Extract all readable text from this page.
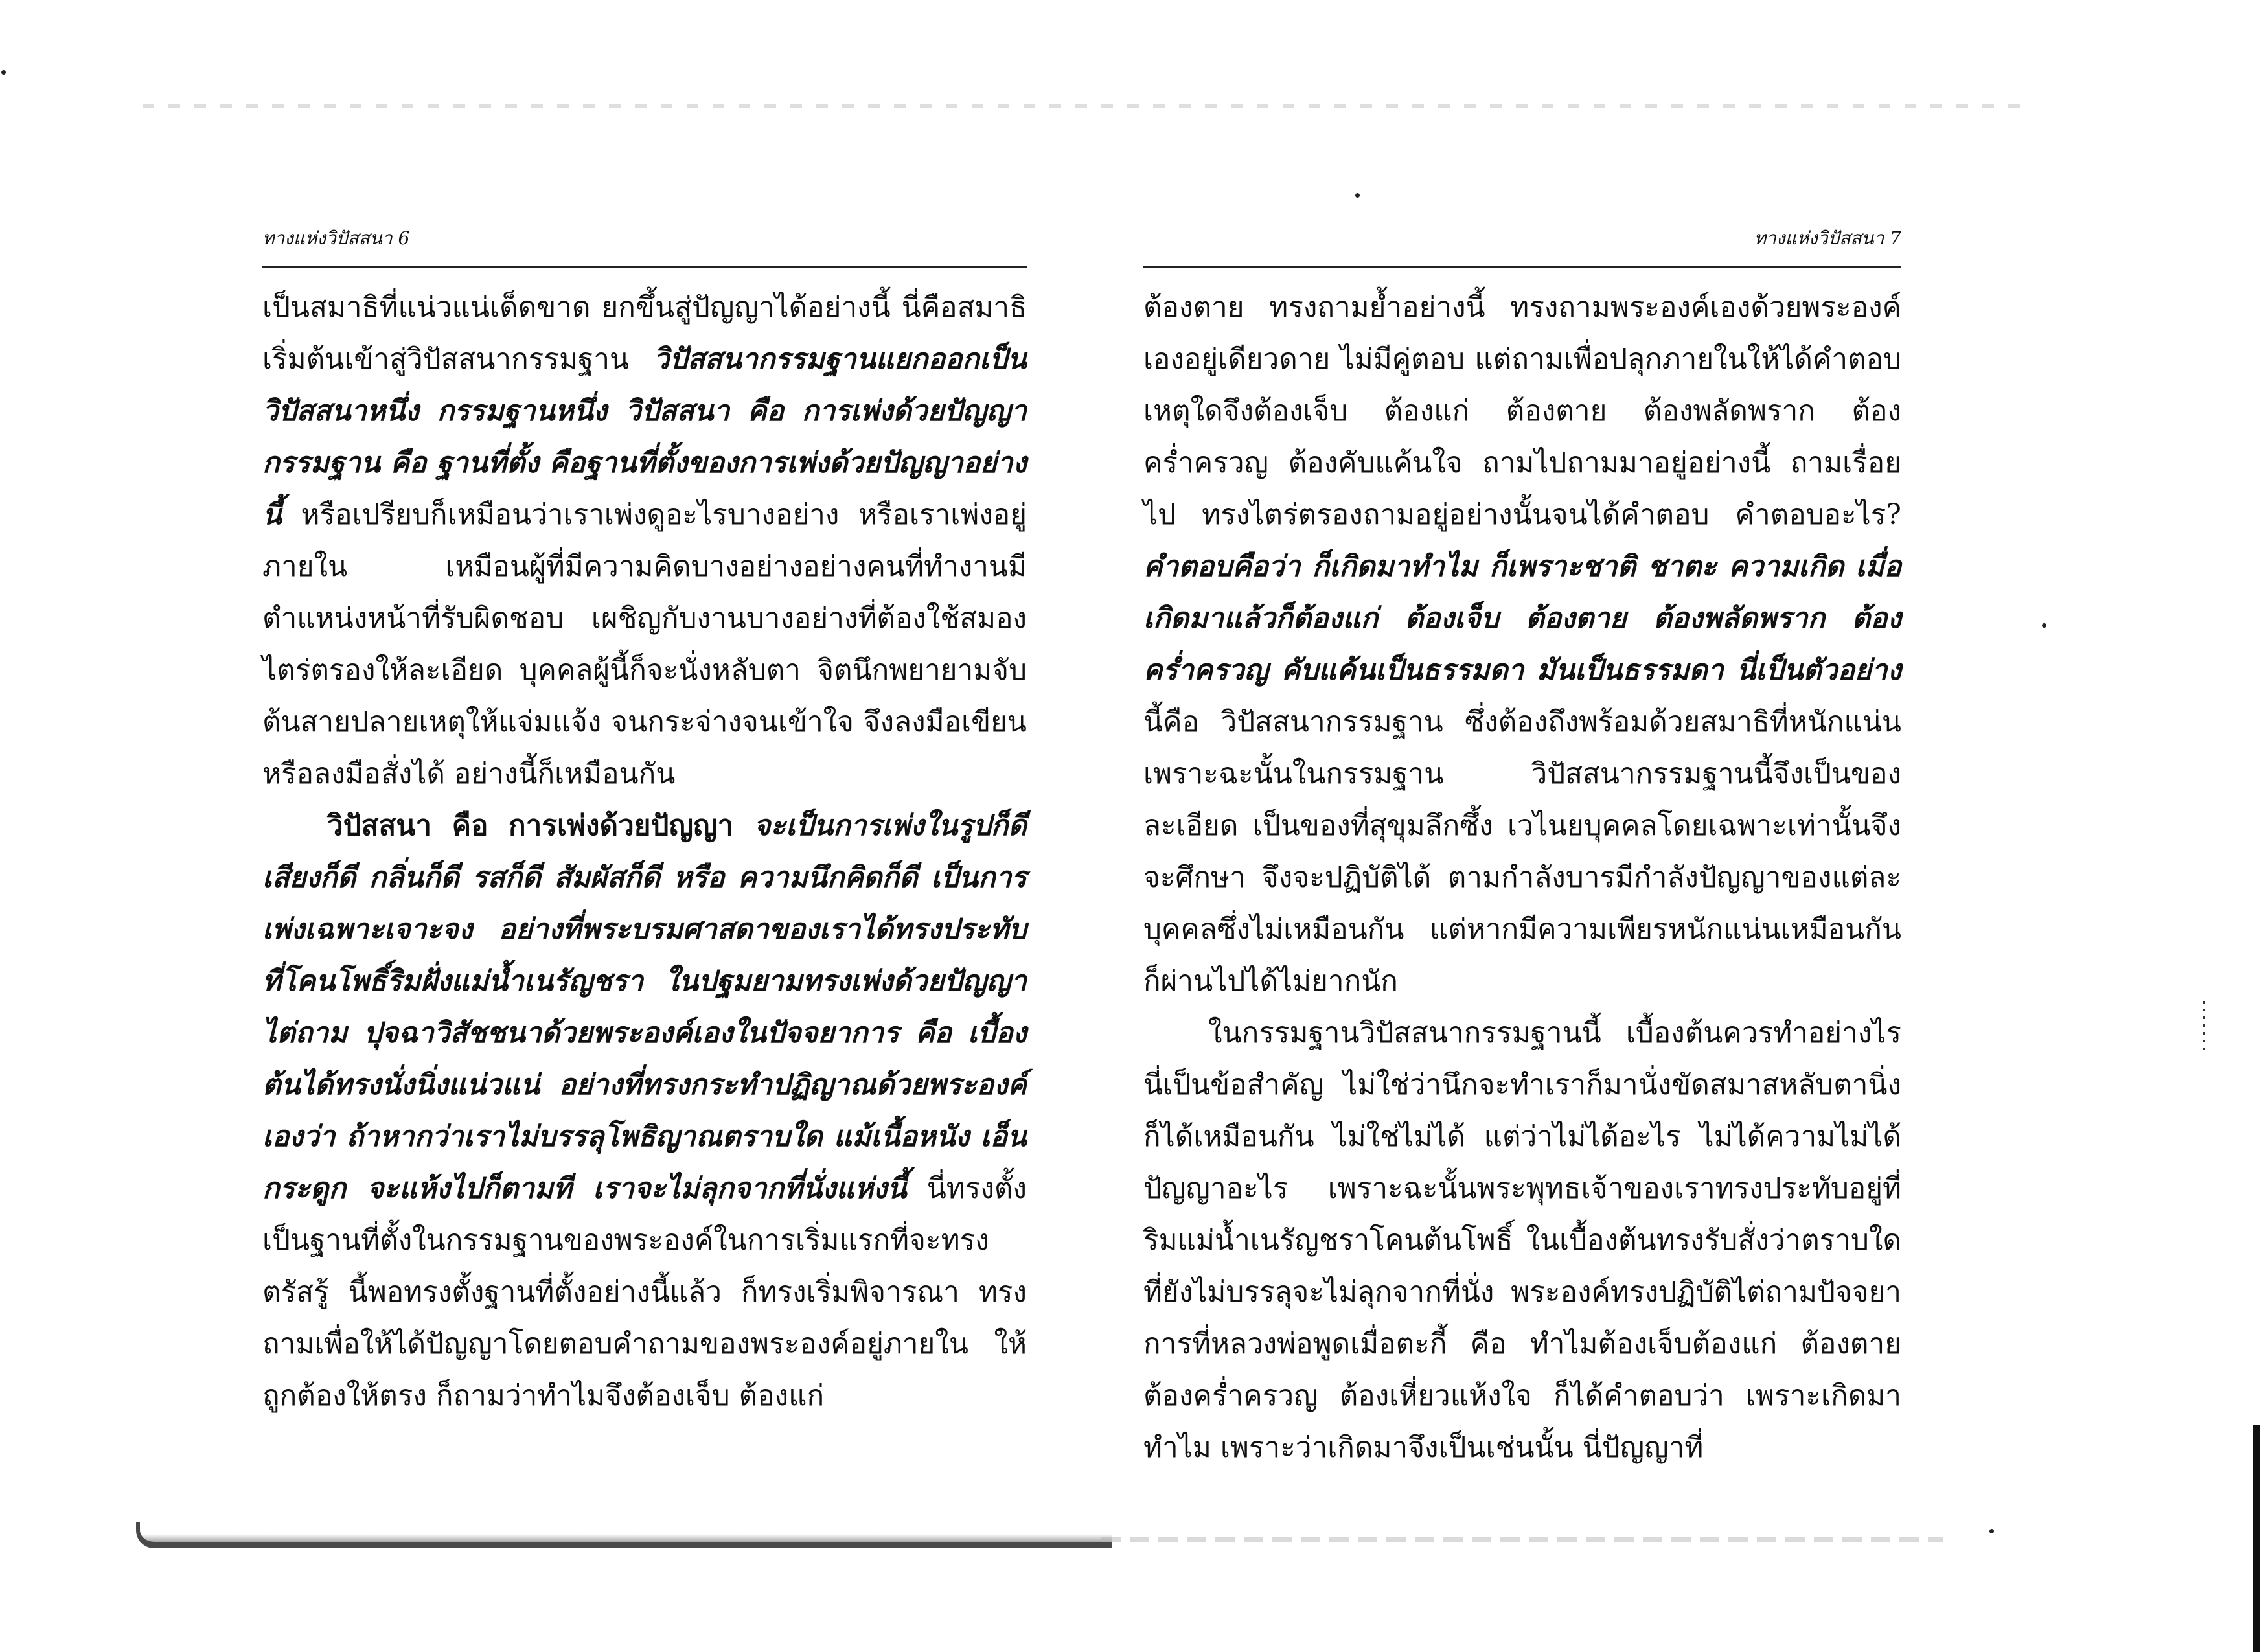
ทางแห่งวิปัสสนา 6

เป็นสมาธิที่แน่วแน่เด็ดขาด ยกขึ้นสู่ปัญญาได้อย่างนี้ นี่คือสมาธิเริ่มต้นเข้าสู่วิปัสสนากรรมฐาน วิปัสสนากรรมฐานแยกออกเป็น วิปัสสนาหนึ่ง กรรมฐานหนึ่ง วิปัสสนา คือ การเพ่งด้วยปัญญา กรรมฐาน คือ ฐานที่ตั้ง คือฐานที่ตั้งของการเพ่งด้วยปัญญาอย่างนี้ หรือเปรียบก็เหมือนว่าเราเพ่งดูอะไรบางอย่าง หรือเราเพ่งอยู่ภายใน เหมือนผู้ที่มีความคิดบางอย่างอย่างคนที่ทำงานมีตำแหน่งหน้าที่รับผิดชอบ เผชิญกับงานบางอย่างที่ต้องใช้สมองไตร่ตรองให้ละเอียด บุคคลผู้นี้ก็จะนั่งหลับตา จิตนึกพยายามจับต้นสายปลายเหตุให้แจ่มแจ้ง จนกระจ่างจนเข้าใจ จึงลงมือเขียนหรือลงมือสั่งได้ อย่างนี้ก็เหมือนกัน

วิปัสสนา คือ การเพ่งด้วยปัญญา จะเป็นการเพ่งในรูปก็ดี เสียงก็ดี กลิ่นก็ดี รสก็ดี สัมผัสก็ดี หรือ ความนึกคิดก็ดี เป็นการเพ่งเฉพาะเจาะจง อย่างที่พระบรมศาสดาของเราได้ทรงประทับที่โคนโพธิ์ริมฝั่งแม่น้ำเนรัญชรา ในปฐมยามทรงเพ่งด้วยปัญญา ไต่ถาม ปุจฉาวิสัชชนาด้วยพระองค์เองในปัจจยาการ คือ เบื้องต้นได้ทรงนั่งนิ่งแน่วแน่ อย่างที่ทรงกระทำปฏิญาณด้วยพระองค์เองว่า ถ้าหากว่าเราไม่บรรลุโพธิญาณตราบใด แม้เนื้อหนัง เอ็น กระดูก จะแห้งไปก็ตามที เราจะไม่ลุกจากที่นั่งแห่งนี้ นี่ทรงตั้งเป็นฐานที่ตั้งในกรรมฐานของพระองค์ในการเริ่มแรกที่จะทรงตรัสรู้ นี้พอทรงตั้งฐานที่ตั้งอย่างนี้แล้ว ก็ทรงเริ่มพิจารณา ทรงถามเพื่อให้ได้ปัญญาโดยตอบคำถามของพระองค์อยู่ภายใน ให้ถูกต้องให้ตรง ก็ถามว่าทำไมจึงต้องเจ็บ ต้องแก่

ทางแห่งวิปัสสนา 7

ต้องตาย ทรงถามย้ำอย่างนี้ ทรงถามพระองค์เองด้วยพระองค์เองอยู่เดียวดาย ไม่มีคู่ตอบ แต่ถามเพื่อปลุกภายในให้ได้คำตอบเหตุใดจึงต้องเจ็บ ต้องแก่ ต้องตาย ต้องพลัดพราก ต้องคร่ำครวญ ต้องคับแค้นใจ ถามไปถามมาอยู่อย่างนี้ ถามเรื่อยไป ทรงไตร่ตรองถามอยู่อย่างนั้นจนได้คำตอบ คำตอบอะไร? คำตอบคือว่า ก็เกิดมาทำไม ก็เพราะชาติ ชาตะ ความเกิด เมื่อเกิดมาแล้วก็ต้องแก่ ต้องเจ็บ ต้องตาย ต้องพลัดพราก ต้องคร่ำครวญ คับแค้นเป็นธรรมดา มันเป็นธรรมดา นี่เป็นตัวอย่าง นี้คือ วิปัสสนากรรมฐาน ซึ่งต้องถึงพร้อมด้วยสมาธิที่หนักแน่นเพราะฉะนั้นในกรรมฐาน วิปัสสนากรรมฐานนี้จึงเป็นของละเอียด เป็นของที่สุขุมลึกซึ้ง เวไนยบุคคลโดยเฉพาะเท่านั้นจึงจะศึกษา จึงจะปฏิบัติได้ ตามกำลังบารมีกำลังปัญญาของแต่ละบุคคลซึ่งไม่เหมือนกัน แต่หากมีความเพียรหนักแน่นเหมือนกัน ก็ผ่านไปได้ไม่ยากนัก

ในกรรมฐานวิปัสสนากรรมฐานนี้ เบื้องต้นควรทำอย่างไรนี่เป็นข้อสำคัญ ไม่ใช่ว่านึกจะทำเราก็มานั่งขัดสมาสหลับตานิ่ง ก็ได้เหมือนกัน ไม่ใช่ไม่ได้ แต่ว่าไม่ได้อะไร ไม่ได้ความไม่ได้ปัญญาอะไร เพราะฉะนั้นพระพุทธเจ้าของเราทรงประทับอยู่ที่ริมแม่น้ำเนรัญชราโคนต้นโพธิ์ ในเบื้องต้นทรงรับสั่งว่าตราบใดที่ยังไม่บรรลุจะไม่ลุกจากที่นั่ง พระองค์ทรงปฏิบัติไต่ถามปัจจยาการที่หลวงพ่อพูดเมื่อตะกี้ คือ ทำไมต้องเจ็บต้องแก่ ต้องตาย ต้องคร่ำครวญ ต้องเหี่ยวแห้งใจ ก็ได้คำตอบว่า เพราะเกิดมาทำไม เพราะว่าเกิดมาจึงเป็นเช่นนั้น นี่ปัญญาที่
